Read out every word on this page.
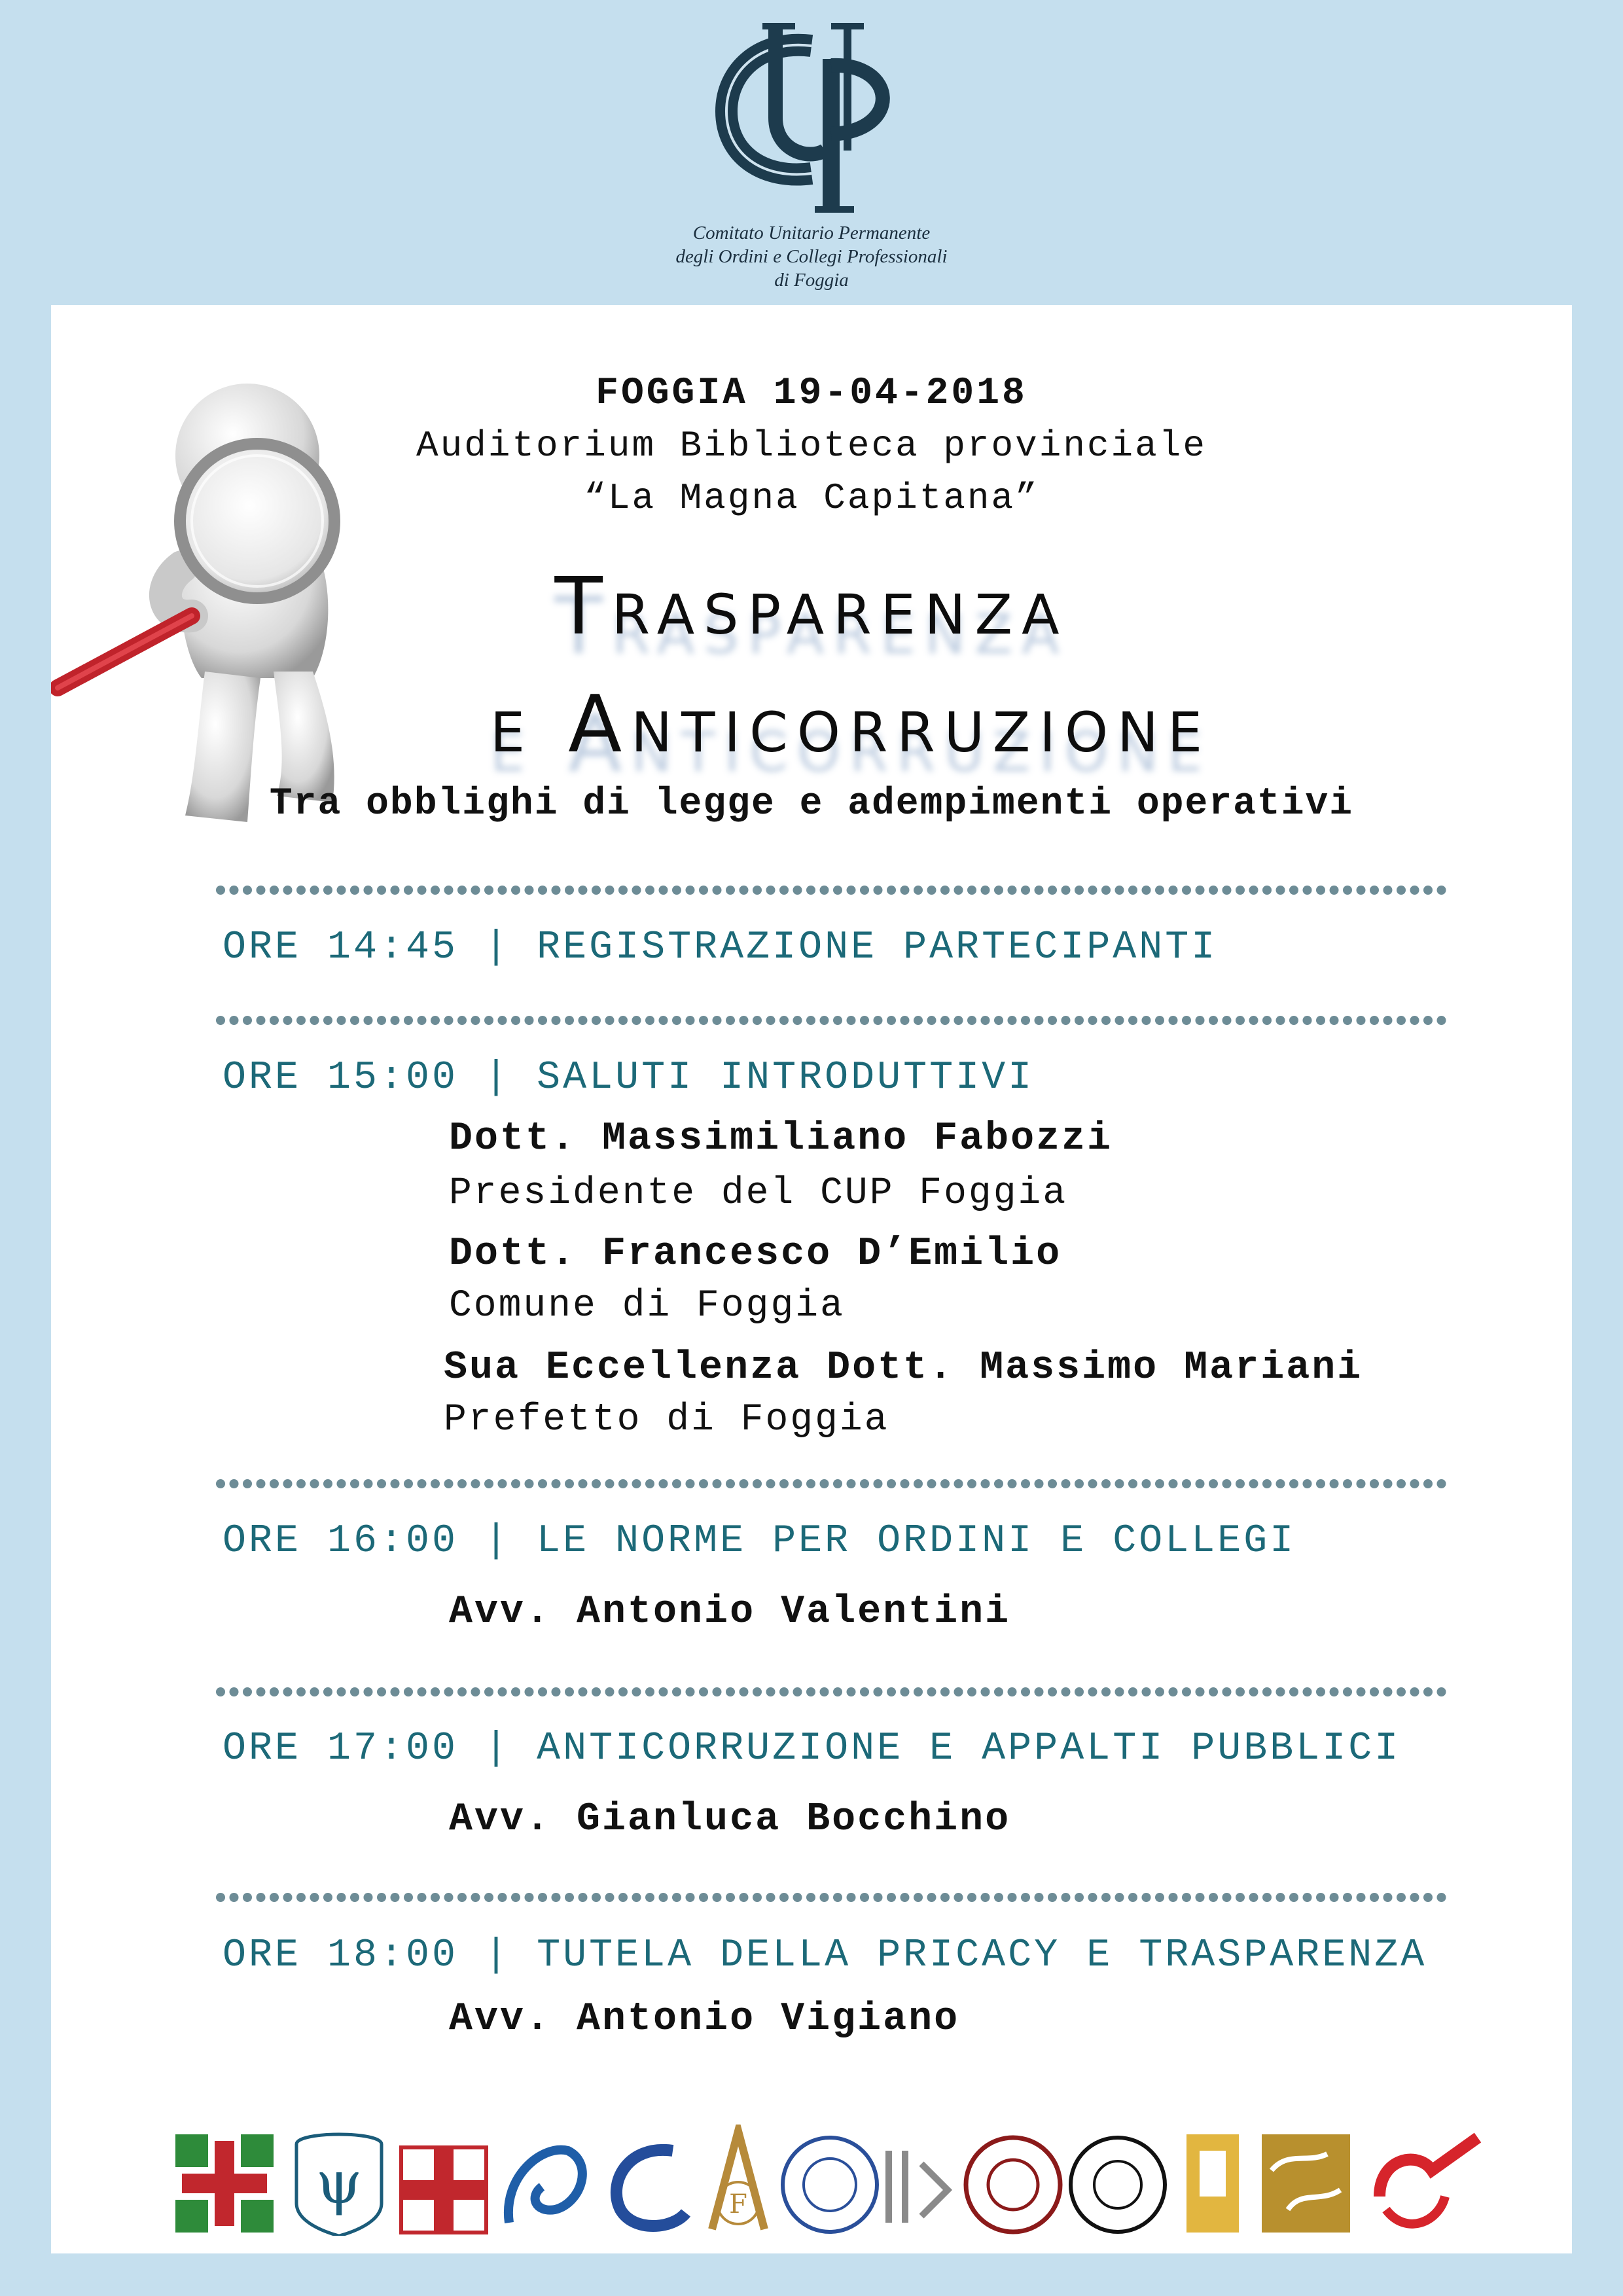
Comitato Unitario Permanente
degli Ordini e Collegi Professionali
di Foggia
FOGGIA 19-04-2018
Auditorium Biblioteca provinciale
“La Magna Capitana”
Trasparenza
e Anticorruzione
Tra obblighi di legge e adempimenti operativi
ORE 14:45 | REGISTRAZIONE PARTECIPANTI
ORE 15:00 | SALUTI INTRODUTTIVI
Dott. Massimiliano Fabozzi
Presidente del CUP Foggia
Dott. Francesco D’Emilio
Comune di Foggia
Sua Eccellenza Dott. Massimo Mariani
Prefetto di Foggia
ORE 16:00 | LE NORME PER ORDINI E COLLEGI
Avv. Antonio Valentini
ORE 17:00 | ANTICORRUZIONE E APPALTI PUBBLICI
Avv. Gianluca Bocchino
ORE 18:00 | TUTELA DELLA PRICACY E TRASPARENZA
Avv. Antonio Vigiano
ψ	F
